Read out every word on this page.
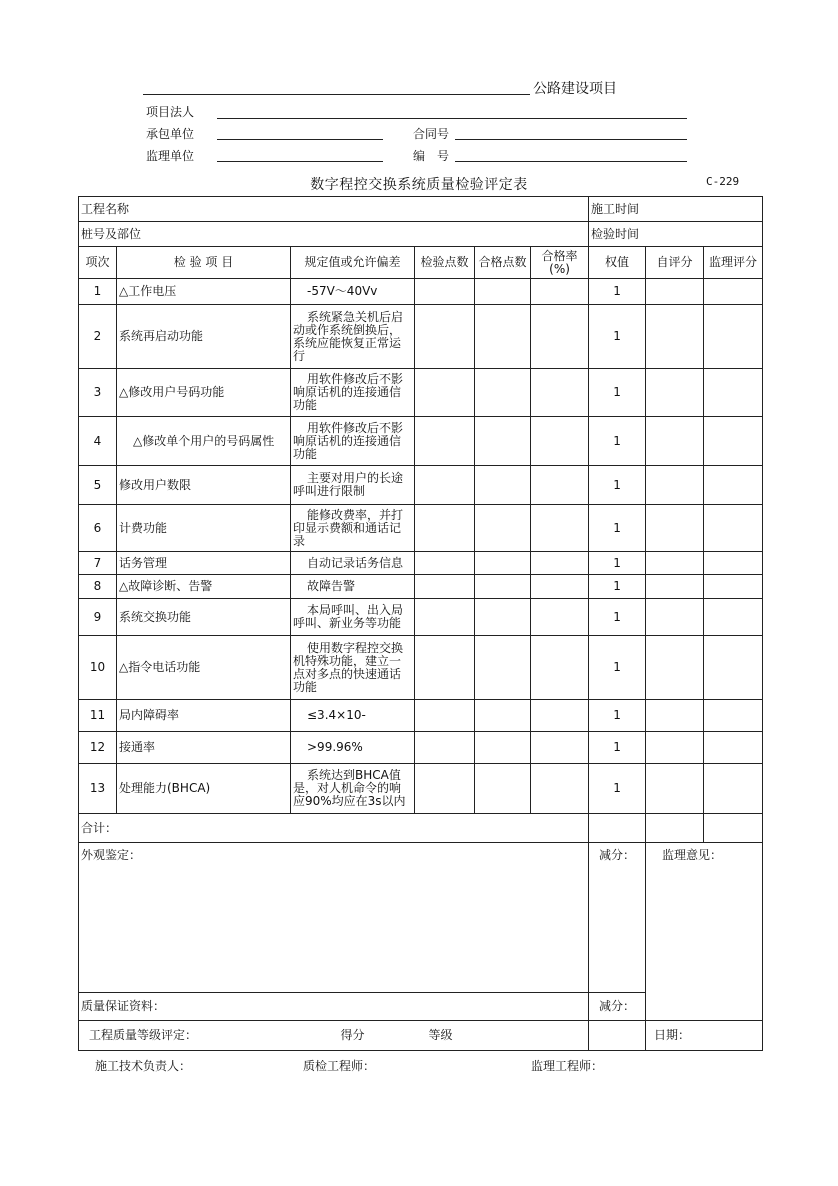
公路建设项目
项目法人
承包单位	合同号
监理单位	编　号
数字程控交换系统质量检验评定表	C-229
工程名称						施工时间		
桩号及部位						检验时间		
项次	检 验 项 目	规定值或允许偏差	检验点数	合格点数	合格率(%)	权值	自评分	监理评分
1	△工作电压	-57V～40Vv				1		
2	系统再启动功能	系统紧急关机后启动或作系统倒换后，系统应能恢复正常运行				1		
3	△修改用户号码功能	用软件修改后不影响原话机的连接通信功能				1		
4	△修改单个用户的号码属性	用软件修改后不影响原话机的连接通信功能				1		
5	修改用户数限	主要对用户的长途呼叫进行限制				1		
6	计费功能	能修改费率，并打印显示费额和通话记录				1		
7	话务管理	自动记录话务信息				1		
8	△故障诊断、告警	故障告警				1		
9	系统交换功能	本局呼叫、出入局呼叫、新业务等功能				1		
10	△指令电话功能	使用数字程控交换机特殊功能，建立一点对多点的快速通话功能				1		
11	局内障碍率	≤3.4×10-				1		
12	接通率	>99.96%				1		
13	处理能力(BHCA)	系统达到BHCA值是，对人机命令的响应90%均应在3s以内				1		
合计：								
外观鉴定：						减分：	监理意见：	
质量保证资料：						减分：		
工程质量等级评定：		得分	等级				日期：	
施工技术负责人：	质检工程师：	监理工程师：
